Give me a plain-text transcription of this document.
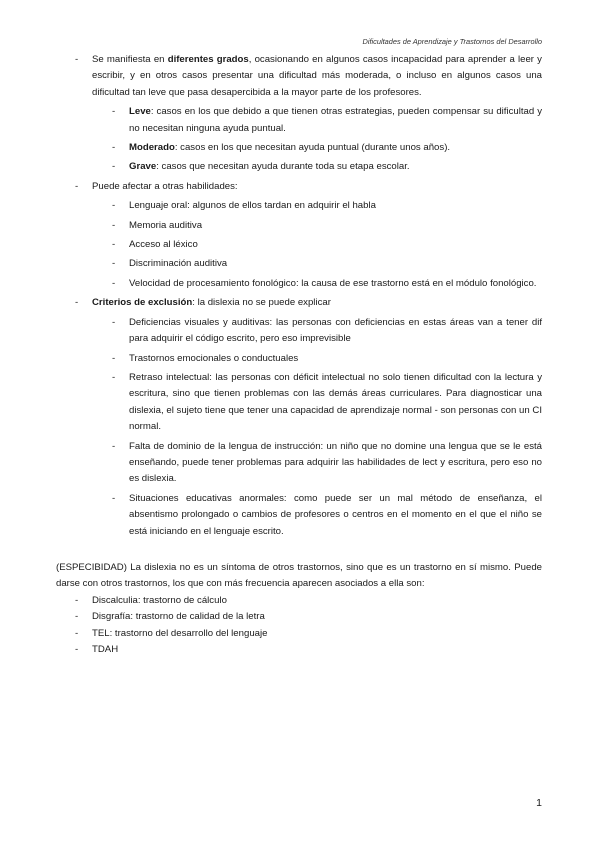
Dificultades de Aprendizaje y Trastornos del Desarrollo
- Se manifiesta en diferentes grados, ocasionando en algunos casos incapacidad para aprender a leer y escribir, y en otros casos presentar una dificultad más moderada, o incluso en algunos casos una dificultad tan leve que pasa desapercibida a la mayor parte de los profesores.
- Leve: casos en los que debido a que tienen otras estrategias, pueden compensar su dificultad y no necesitan ninguna ayuda puntual.
- Moderado: casos en los que necesitan ayuda puntual (durante unos años).
- Grave: casos que necesitan ayuda durante toda su etapa escolar.
- Puede afectar a otras habilidades:
- Lenguaje oral: algunos de ellos tardan en adquirir el habla
- Memoria auditiva
- Acceso al léxico
- Discriminación auditiva
- Velocidad de procesamiento fonológico: la causa de ese trastorno está en el módulo fonológico.
- Criterios de exclusión: la dislexia no se puede explicar
- Deficiencias visuales y auditivas: las personas con deficiencias en estas áreas van a tener dif para adquirir el código escrito, pero eso imprevisible
- Trastornos emocionales o conductuales
- Retraso intelectual: las personas con déficit intelectual no solo tienen dificultad con la lectura y escritura, sino que tienen problemas con las demás áreas curriculares. Para diagnosticar una dislexia, el sujeto tiene que tener una capacidad de aprendizaje normal - son personas con un CI normal.
- Falta de dominio de la lengua de instrucción: un niño que no domine una lengua que se le está enseñando, puede tener problemas para adquirir las habilidades de lect y escritura, pero eso no es dislexia.
- Situaciones educativas anormales: como puede ser un mal método de enseñanza, el absentismo prolongado o cambios de profesores o centros en el momento en el que el niño se está iniciando en el lenguaje escrito.
(ESPECIBIDAD) La dislexia no es un síntoma de otros trastornos, sino que es un trastorno en sí mismo. Puede darse con otros trastornos, los que con más frecuencia aparecen asociados a ella son:
- Discalculia: trastorno de cálculo
- Disgrafía: trastorno de calidad de la letra
- TEL: trastorno del desarrollo del lenguaje
- TDAH
1
